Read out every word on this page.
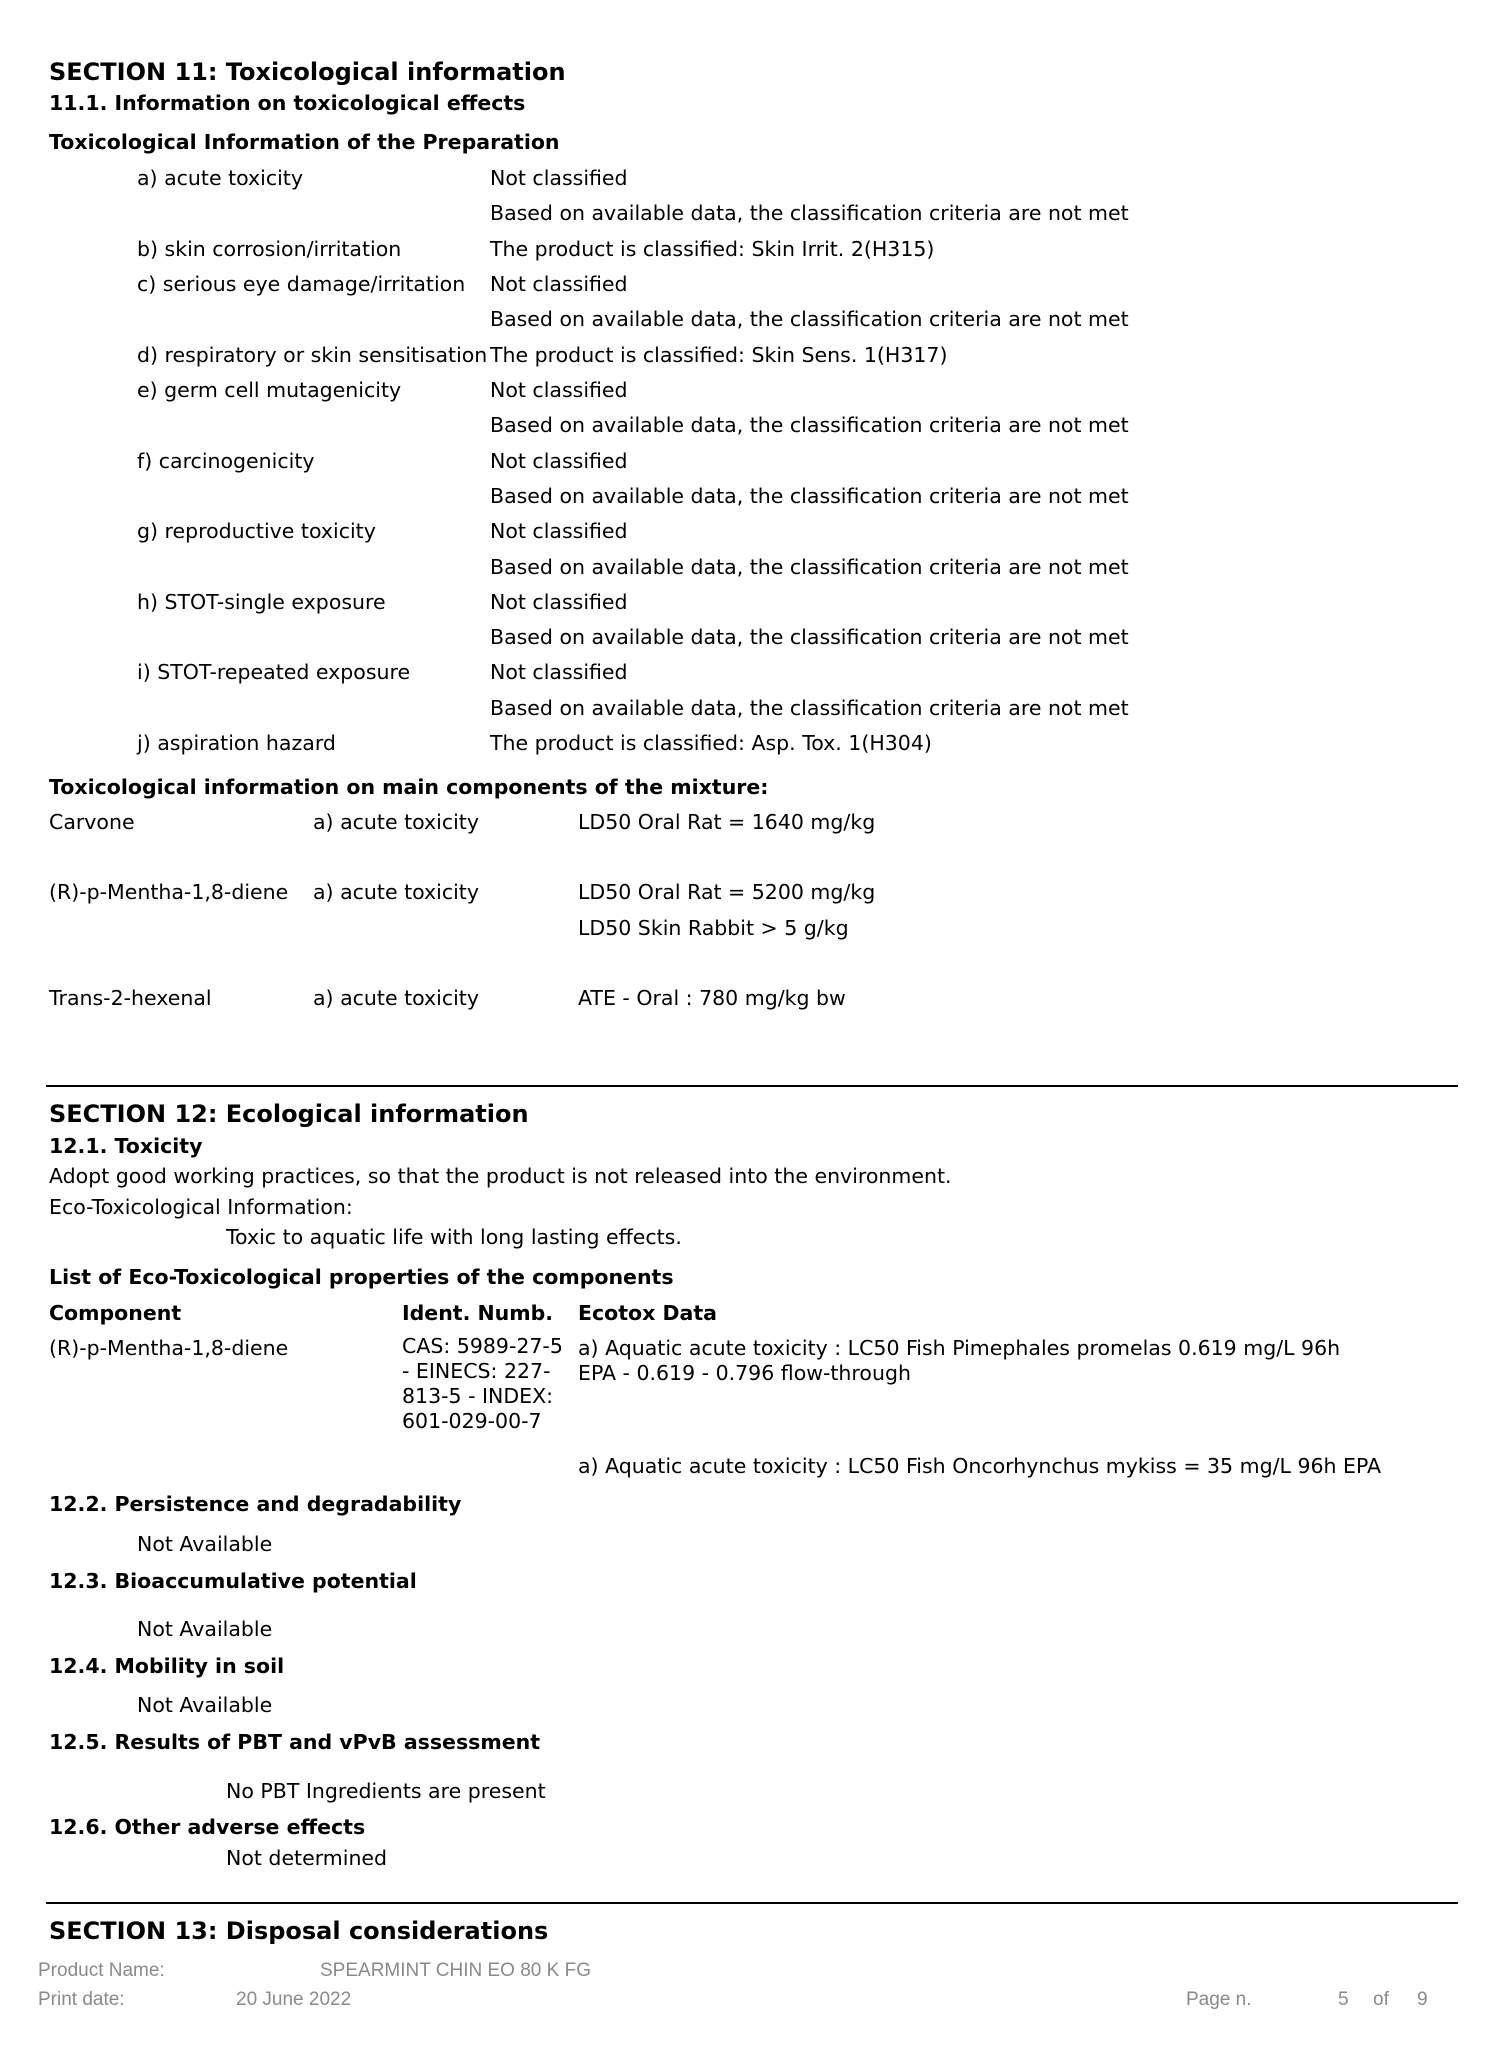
SECTION 11: Toxicological information
11.1. Information on toxicological effects
Toxicological Information of the Preparation
a) acute toxicity	Not classified
Based on available data, the classification criteria are not met
b) skin corrosion/irritation	The product is classified: Skin Irrit. 2(H315)
c) serious eye damage/irritation Not classified
Based on available data, the classification criteria are not met
d) respiratory or skin sensitisation The product is classified: Skin Sens. 1(H317)
e) germ cell mutagenicity	Not classified
Based on available data, the classification criteria are not met
f) carcinogenicity	Not classified
Based on available data, the classification criteria are not met
g) reproductive toxicity	Not classified
Based on available data, the classification criteria are not met
h) STOT-single exposure	Not classified
Based on available data, the classification criteria are not met
i) STOT-repeated exposure	Not classified
Based on available data, the classification criteria are not met
j) aspiration hazard	The product is classified: Asp. Tox. 1(H304)
Toxicological information on main components of the mixture:
Carvone	a) acute toxicity	LD50 Oral Rat = 1640 mg/kg
(R)-p-Mentha-1,8-diene a) acute toxicity	LD50 Oral Rat = 5200 mg/kg
LD50 Skin Rabbit > 5 g/kg
Trans-2-hexenal	a) acute toxicity	ATE - Oral : 780 mg/kg bw
SECTION 12: Ecological information
12.1. Toxicity
Adopt good working practices, so that the product is not released into the environment.
Eco-Toxicological Information:
Toxic to aquatic life with long lasting effects.
List of Eco-Toxicological properties of the components
Component	Ident. Numb. Ecotox Data
(R)-p-Mentha-1,8-diene	CAS: 5989-27-5 - EINECS: 227-813-5 - INDEX: 601-029-00-7
a) Aquatic acute toxicity : LC50 Fish Pimephales promelas 0.619 mg/L 96h
EPA - 0.619 - 0.796 flow-through
a) Aquatic acute toxicity : LC50 Fish Oncorhynchus mykiss = 35 mg/L 96h EPA
12.2. Persistence and degradability
Not Available
12.3. Bioaccumulative potential
Not Available
12.4. Mobility in soil
Not Available
12.5. Results of PBT and vPvB assessment
No PBT Ingredients are present
12.6. Other adverse effects
Not determined
SECTION 13: Disposal considerations
Product Name:	SPEARMINT CHIN EO 80 K FG
Print date:	20 June 2022	Page n.	5 of 9
